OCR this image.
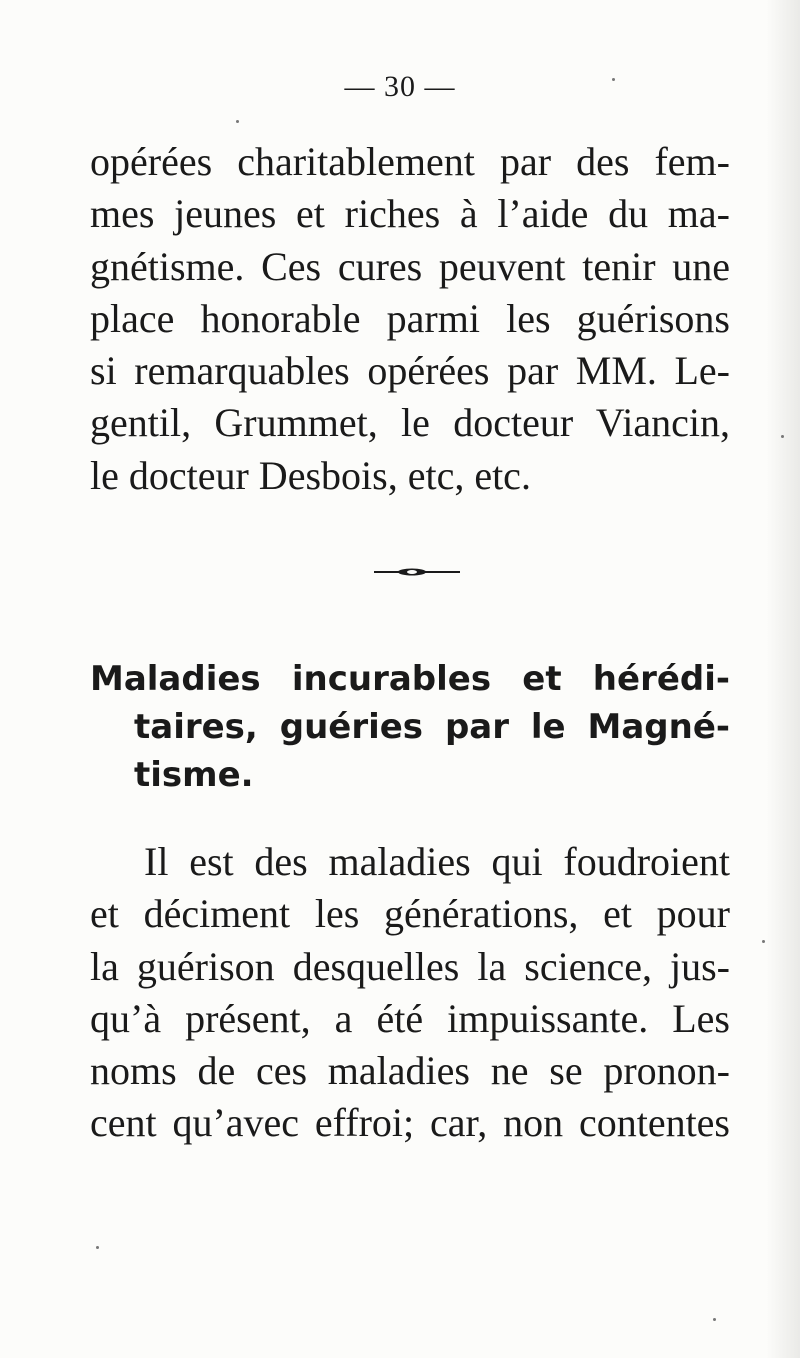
— 30 —
opérées charitablement par des fem-
mes jeunes et riches à l’aide du ma-
gnétisme. Ces cures peuvent tenir une
place honorable parmi les guérisons
si remarquables opérées par MM. Le-
gentil, Grummet, le docteur Viancin,
le docteur Desbois, etc, etc.
Maladies incurables et hérédi-
taires, guéries par le Magné-
tisme.
Il est des maladies qui foudroient
et déciment les générations, et pour
la guérison desquelles la science, jus-
qu’à présent, a été impuissante. Les
noms de ces maladies ne se pronon-
cent qu’avec effroi; car, non contentes
